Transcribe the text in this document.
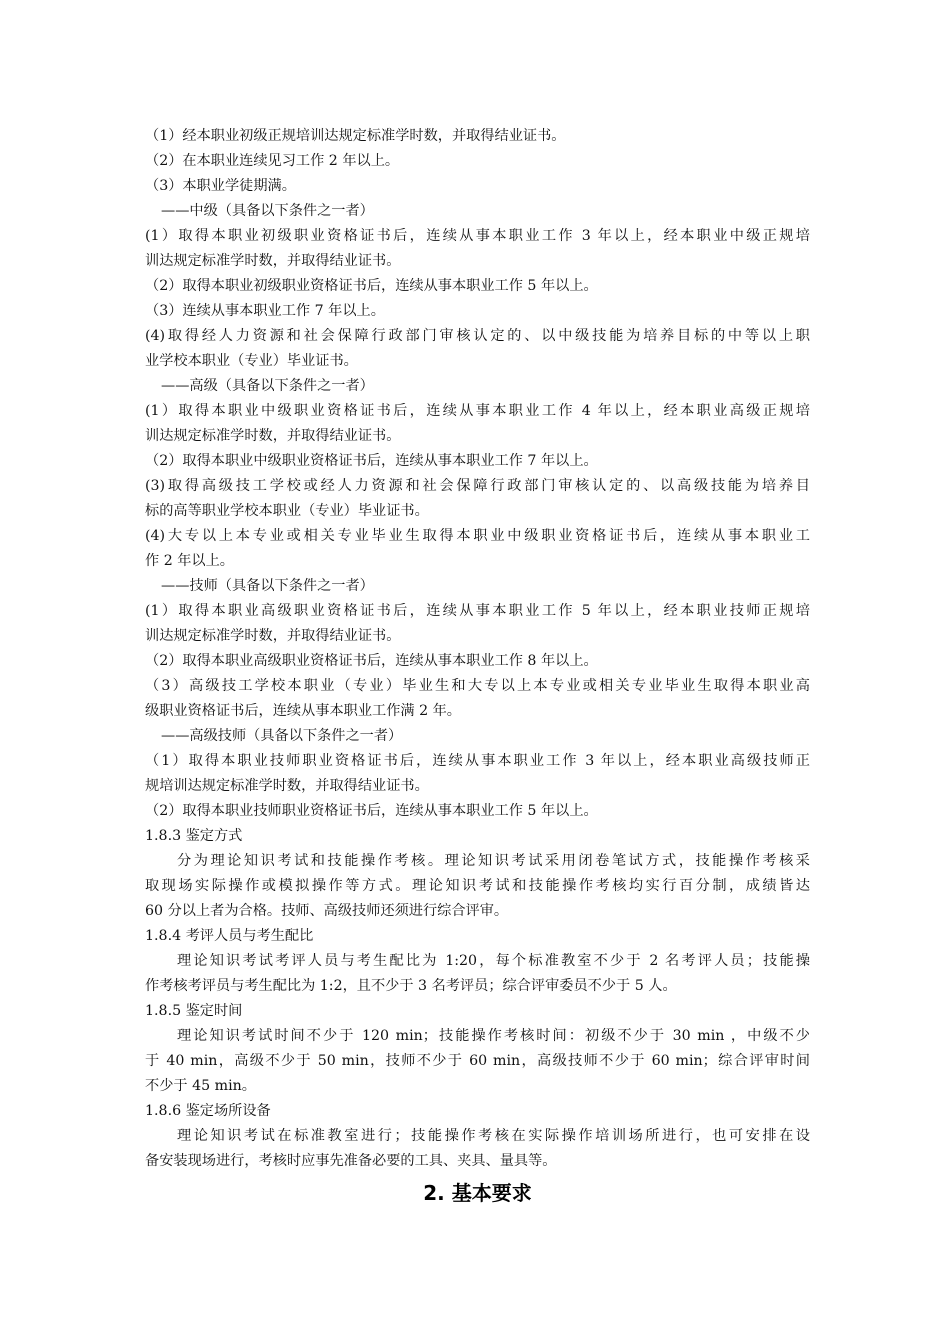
（1）经本职业初级正规培训达规定标准学时数，并取得结业证书。
（2）在本职业连续见习工作 2 年以上。
（3）本职业学徒期满。
——中级（具备以下条件之一者）
(1）取得本职业初级职业资格证书后，连续从事本职业工作 3 年以上，经本职业中级正规培
训达规定标准学时数，并取得结业证书。
（2）取得本职业初级职业资格证书后，连续从事本职业工作 5 年以上。
（3）连续从事本职业工作 7 年以上。
(4)取得经人力资源和社会保障行政部门审核认定的、以中级技能为培养目标的中等以上职
业学校本职业（专业）毕业证书。
——高级（具备以下条件之一者）
(1）取得本职业中级职业资格证书后，连续从事本职业工作 4 年以上，经本职业高级正规培
训达规定标准学时数，并取得结业证书。
（2）取得本职业中级职业资格证书后，连续从事本职业工作 7 年以上。
(3)取得高级技工学校或经人力资源和社会保障行政部门审核认定的、以高级技能为培养目
标的高等职业学校本职业（专业）毕业证书。
(4)大专以上本专业或相关专业毕业生取得本职业中级职业资格证书后，连续从事本职业工
作 2 年以上。
——技师（具备以下条件之一者）
(1）取得本职业高级职业资格证书后，连续从事本职业工作 5 年以上，经本职业技师正规培
训达规定标准学时数，并取得结业证书。
（2）取得本职业高级职业资格证书后，连续从事本职业工作 8 年以上。
（3）高级技工学校本职业（专业）毕业生和大专以上本专业或相关专业毕业生取得本职业高
级职业资格证书后，连续从事本职业工作满 2 年。
——高级技师（具备以下条件之一者）
（1）取得本职业技师职业资格证书后，连续从事本职业工作 3 年以上，经本职业高级技师正
规培训达规定标准学时数，并取得结业证书。
（2）取得本职业技师职业资格证书后，连续从事本职业工作 5 年以上。
1.8.3 鉴定方式
分为理论知识考试和技能操作考核。理论知识考试采用闭卷笔试方式，技能操作考核采
取现场实际操作或模拟操作等方式。理论知识考试和技能操作考核均实行百分制，成绩皆达
60 分以上者为合格。技师、高级技师还须进行综合评审。
1.8.4 考评人员与考生配比
理论知识考试考评人员与考生配比为 1:20，每个标准教室不少于 2 名考评人员；技能操
作考核考评员与考生配比为 1:2，且不少于 3 名考评员；综合评审委员不少于 5 人。
1.8.5 鉴定时间
理论知识考试时间不少于 120 min；技能操作考核时间：初级不少于 30 min ，中级不少
于 40 min，高级不少于 50 min，技师不少于 60 min，高级技师不少于 60 min；综合评审时间
不少于 45 min。
1.8.6 鉴定场所设备
理论知识考试在标准教室进行；技能操作考核在实际操作培训场所进行，也可安排在设
备安装现场进行，考核时应事先准备必要的工具、夹具、量具等。
2. 基本要求
